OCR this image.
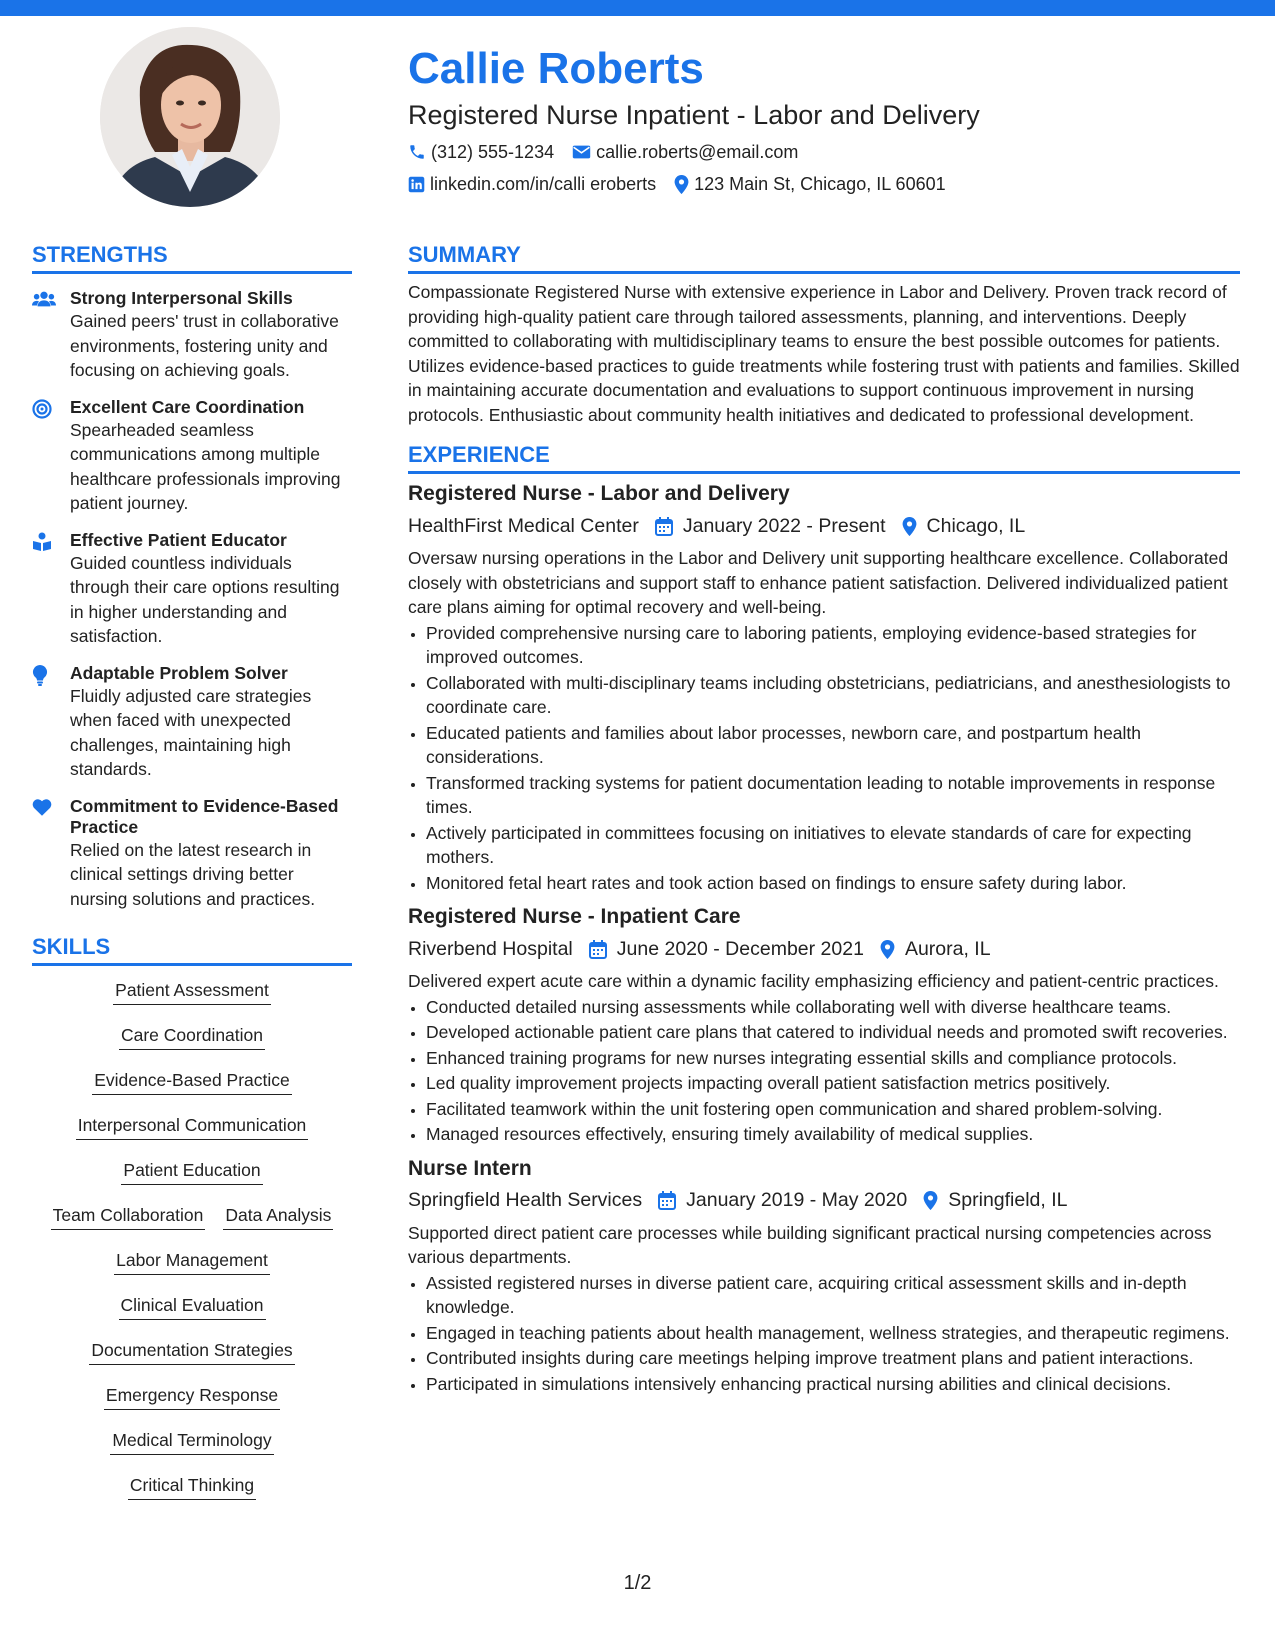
Callie Roberts
Registered Nurse Inpatient - Labor and Delivery
(312) 555-1234 callie.roberts@email.com
linkedin.com/in/calli eroberts 123 Main St, Chicago, IL 60601
STRENGTHS
Strong Interpersonal Skills
Gained peers' trust in collaborative environments, fostering unity and focusing on achieving goals.
Excellent Care Coordination
Spearheaded seamless communications among multiple healthcare professionals improving patient journey.
Effective Patient Educator
Guided countless individuals through their care options resulting in higher understanding and satisfaction.
Adaptable Problem Solver
Fluidly adjusted care strategies when faced with unexpected challenges, maintaining high standards.
Commitment to Evidence-Based Practice
Relied on the latest research in clinical settings driving better nursing solutions and practices.
SKILLS
Patient Assessment
Care Coordination
Evidence-Based Practice
Interpersonal Communication
Patient Education
Team Collaboration Data Analysis
Labor Management
Clinical Evaluation
Documentation Strategies
Emergency Response
Medical Terminology
Critical Thinking
SUMMARY
Compassionate Registered Nurse with extensive experience in Labor and Delivery. Proven track record of providing high-quality patient care through tailored assessments, planning, and interventions. Deeply committed to collaborating with multidisciplinary teams to ensure the best possible outcomes for patients. Utilizes evidence-based practices to guide treatments while fostering trust with patients and families. Skilled in maintaining accurate documentation and evaluations to support continuous improvement in nursing protocols. Enthusiastic about community health initiatives and dedicated to professional development.
EXPERIENCE
Registered Nurse - Labor and Delivery
HealthFirst Medical Center January 2022 - Present Chicago, IL
Oversaw nursing operations in the Labor and Delivery unit supporting healthcare excellence. Collaborated closely with obstetricians and support staff to enhance patient satisfaction. Delivered individualized patient care plans aiming for optimal recovery and well-being.
• Provided comprehensive nursing care to laboring patients, employing evidence-based strategies for improved outcomes.
• Collaborated with multi-disciplinary teams including obstetricians, pediatricians, and anesthesiologists to coordinate care.
• Educated patients and families about labor processes, newborn care, and postpartum health considerations.
• Transformed tracking systems for patient documentation leading to notable improvements in response times.
• Actively participated in committees focusing on initiatives to elevate standards of care for expecting mothers.
• Monitored fetal heart rates and took action based on findings to ensure safety during labor.
Registered Nurse - Inpatient Care
Riverbend Hospital June 2020 - December 2021 Aurora, IL
Delivered expert acute care within a dynamic facility emphasizing efficiency and patient-centric practices.
• Conducted detailed nursing assessments while collaborating well with diverse healthcare teams.
• Developed actionable patient care plans that catered to individual needs and promoted swift recoveries.
• Enhanced training programs for new nurses integrating essential skills and compliance protocols.
• Led quality improvement projects impacting overall patient satisfaction metrics positively.
• Facilitated teamwork within the unit fostering open communication and shared problem-solving.
• Managed resources effectively, ensuring timely availability of medical supplies.
Nurse Intern
Springfield Health Services January 2019 - May 2020 Springfield, IL
Supported direct patient care processes while building significant practical nursing competencies across various departments.
• Assisted registered nurses in diverse patient care, acquiring critical assessment skills and in-depth knowledge.
• Engaged in teaching patients about health management, wellness strategies, and therapeutic regimens.
• Contributed insights during care meetings helping improve treatment plans and patient interactions.
• Participated in simulations intensively enhancing practical nursing abilities and clinical decisions.
1/2
